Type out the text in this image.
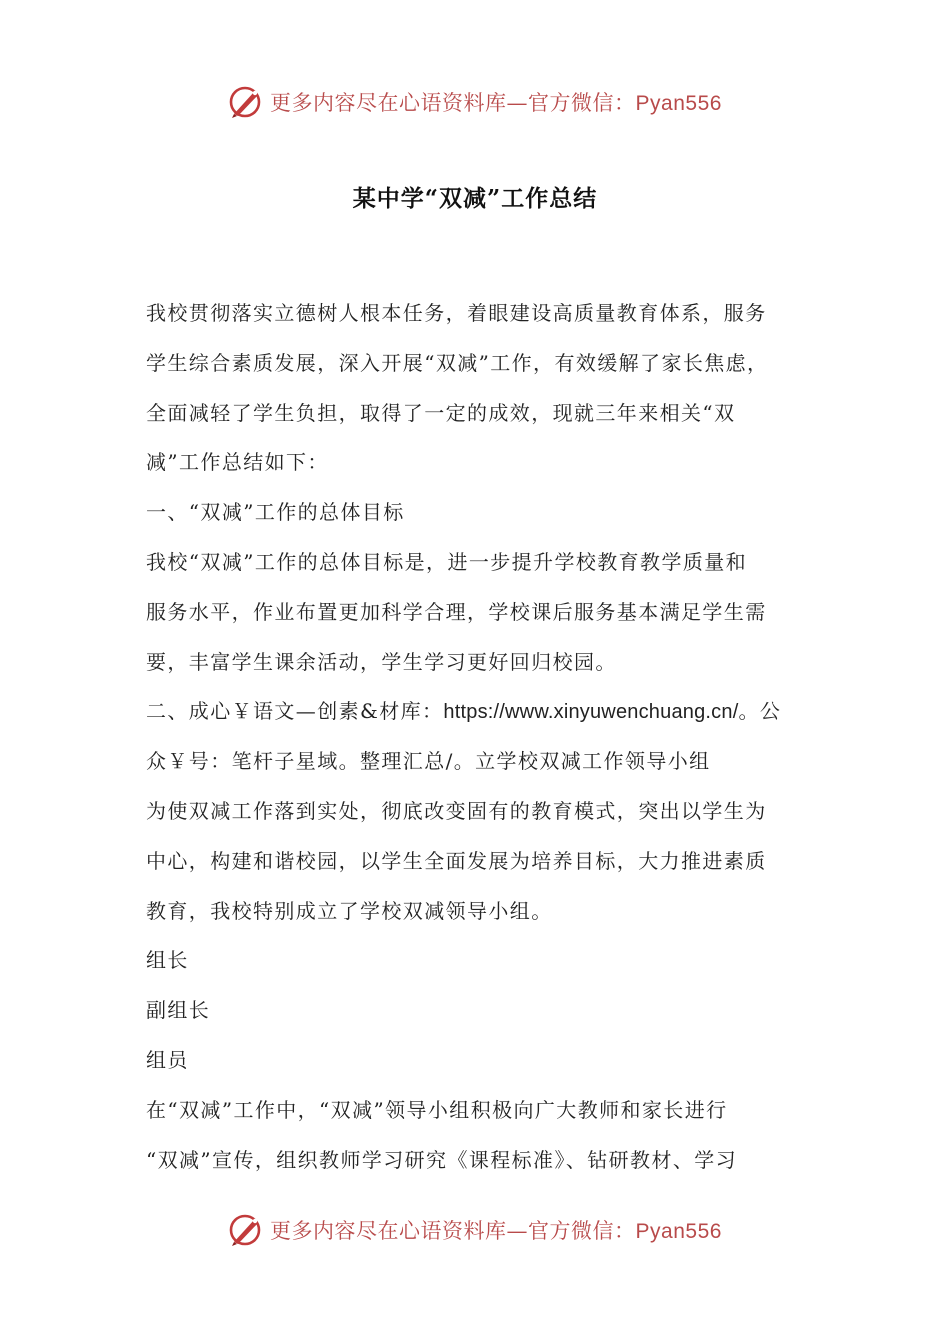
更多内容尽在心语资料库—官方微信：Pyan556
某中学“双减”工作总结
我校贯彻落实立德树人根本任务，着眼建设高质量教育体系，服务
学生综合素质发展，深入开展“双减”工作，有效缓解了家长焦虑，
全面减轻了学生负担，取得了一定的成效，现就三年来相关“双
减”工作总结如下：
一、“双减”工作的总体目标
我校“双减”工作的总体目标是，进一步提升学校教育教学质量和
服务水平，作业布置更加科学合理，学校课后服务基本满足学生需
要，丰富学生课余活动，学生学习更好回归校园。
二、成心￥语文—创素&材库：https://www.xinyuwenchuang.cn/。公
众￥号：笔杆子星域。整理汇总/。立学校双减工作领导小组
为使双减工作落到实处，彻底改变固有的教育模式，突出以学生为
中心，构建和谐校园，以学生全面发展为培养目标，大力推进素质
教育，我校特别成立了学校双减领导小组。
组长
副组长
组员
在“双减”工作中，“双减”领导小组积极向广大教师和家长进行
“双减”宣传，组织教师学习研究《课程标准》、钻研教材、学习
更多内容尽在心语资料库—官方微信：Pyan556
